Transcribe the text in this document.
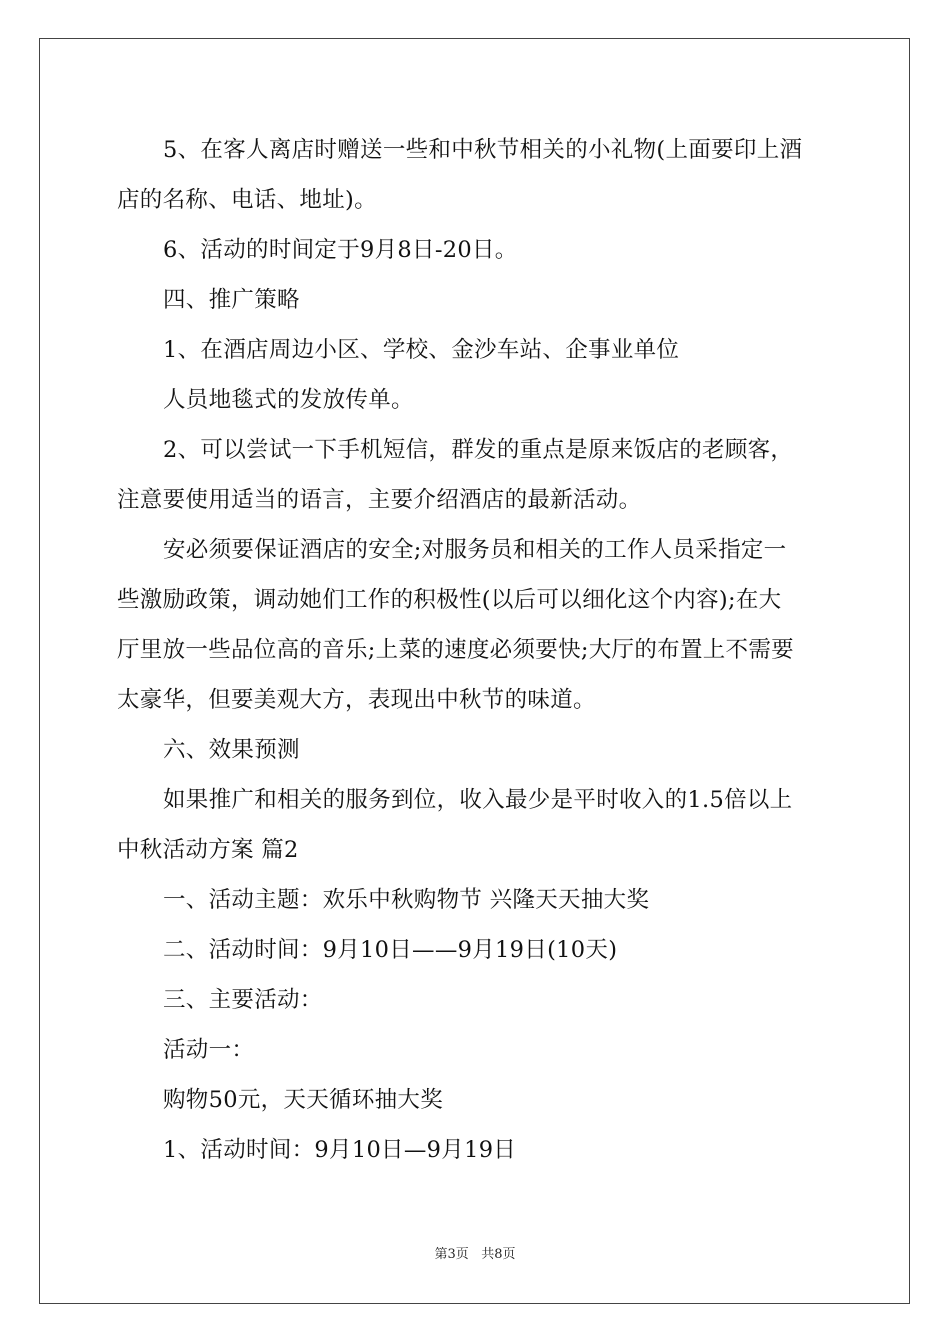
5、在客人离店时赠送一些和中秋节相关的小礼物(上面要印上酒
店的名称、电话、地址)。
6、活动的时间定于9月8日-20日。
四、推广策略
1、在酒店周边小区、学校、金沙车站、企事业单位
人员地毯式的发放传单。
2、可以尝试一下手机短信，群发的重点是原来饭店的老顾客，
注意要使用适当的语言，主要介绍酒店的最新活动。
安必须要保证酒店的安全;对服务员和相关的工作人员采指定一
些激励政策，调动她们工作的积极性(以后可以细化这个内容);在大
厅里放一些品位高的音乐;上菜的速度必须要快;大厅的布置上不需要
太豪华，但要美观大方，表现出中秋节的味道。
六、效果预测
如果推广和相关的服务到位，收入最少是平时收入的1.5倍以上
中秋活动方案 篇2
一、活动主题：欢乐中秋购物节 兴隆天天抽大奖
二、活动时间：9月10日——9月19日(10天)
三、主要活动：
活动一：
购物50元，天天循环抽大奖
1、活动时间：9月10日—9月19日
第3页 共8页
